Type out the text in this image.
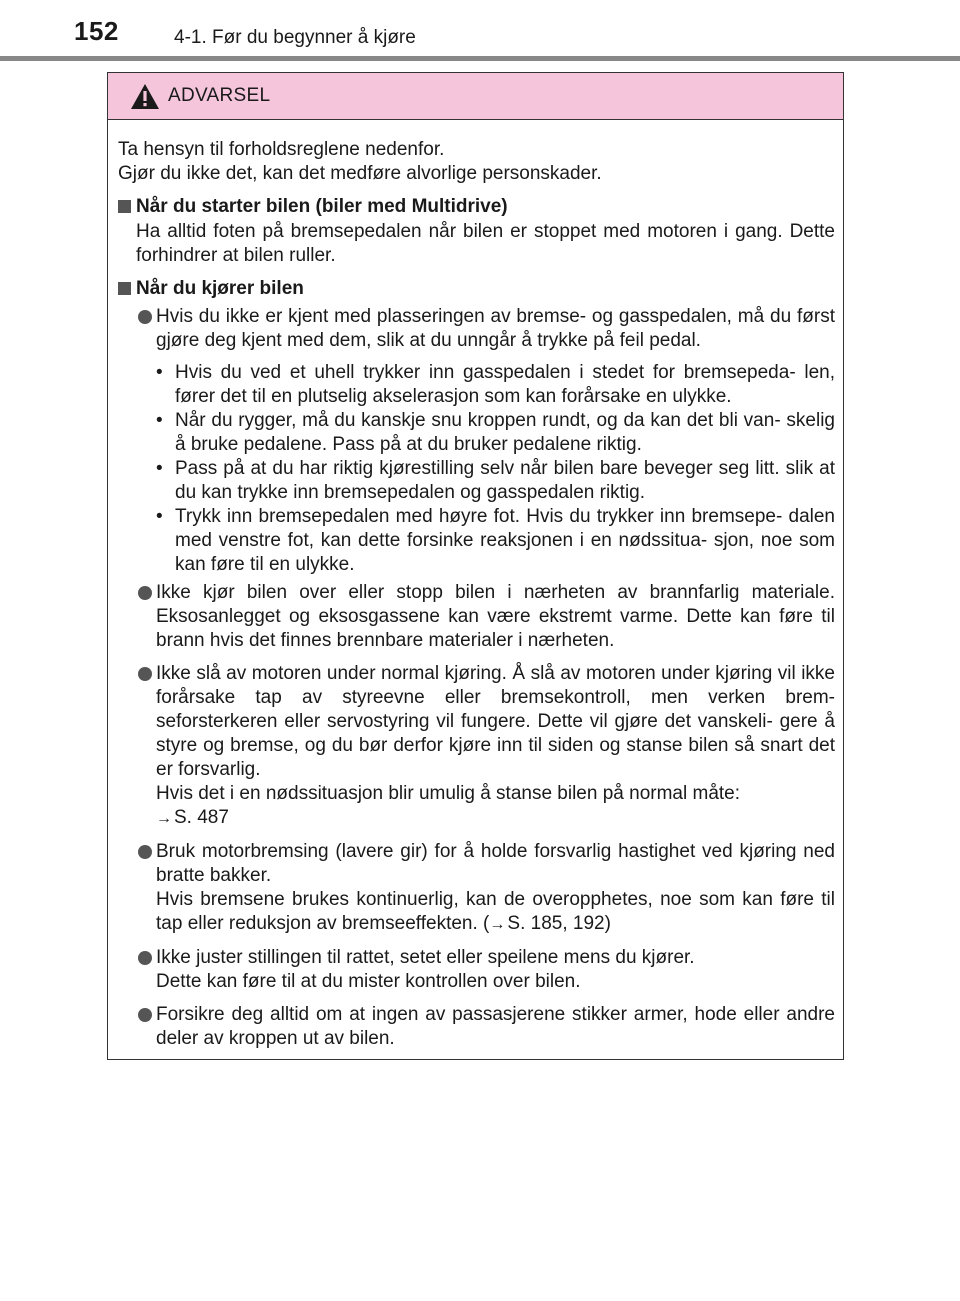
152	4-1. Før du begynner å kjøre
ADVARSEL

Ta hensyn til forholdsreglene nedenfor.

Gjør du ikke det, kan det medføre alvorlige personskader.

Når du starter bilen (biler med Multidrive)
Ha alltid foten på bremsepedalen når bilen er stoppet med motoren i gang. Dette forhindrer at bilen ruller.
Når du kjører bilen
Hvis du ikke er kjent med plasseringen av bremse- og gasspedalen, må du først gjøre deg kjent med dem, slik at du unngår å trykke på feil pedal.
• Hvis du ved et uhell trykker inn gasspedalen i stedet for bremsepeda- len, fører det til en plutselig akselerasjon som kan forårsake en ulykke.
• Når du rygger, må du kanskje snu kroppen rundt, og da kan det bli van- skelig å bruke pedalene. Pass på at du bruker pedalene riktig.
• Pass på at du har riktig kjørestilling selv når bilen bare beveger seg litt. slik at du kan trykke inn bremsepedalen og gasspedalen riktig.
• Trykk inn bremsepedalen med høyre fot. Hvis du trykker inn bremsepe- dalen med venstre fot, kan dette forsinke reaksjonen i en nødssitua- sjon, noe som kan føre til en ulykke.
Ikke kjør bilen over eller stopp bilen i nærheten av brannfarlig materiale. Eksosanlegget og eksosgassene kan være ekstremt varme. Dette kan føre til brann hvis det finnes brennbare materialer i nærheten.
Ikke slå av motoren under normal kjøring. Å slå av motoren under kjøring vil ikke forårsake tap av styreevne eller bremsekontroll, men verken brem- seforsterkeren eller servostyring vil fungere. Dette vil gjøre det vanskeli- gere å styre og bremse, og du bør derfor kjøre inn til siden og stanse bilen så snart det er forsvarlig.
Hvis det i en nødssituasjon blir umulig å stanse bilen på normal måte:
→ S. 487
Bruk motorbremsing (lavere gir) for å holde forsvarlig hastighet ved kjøring ned bratte bakker.
Hvis bremsene brukes kontinuerlig, kan de overopphetes, noe som kan føre til tap eller reduksjon av bremseeffekten. (→ S. 185, 192)
Ikke juster stillingen til rattet, setet eller speilene mens du kjører.
Dette kan føre til at du mister kontrollen over bilen.
Forsikre deg alltid om at ingen av passasjerene stikker armer, hode eller andre deler av kroppen ut av bilen.
